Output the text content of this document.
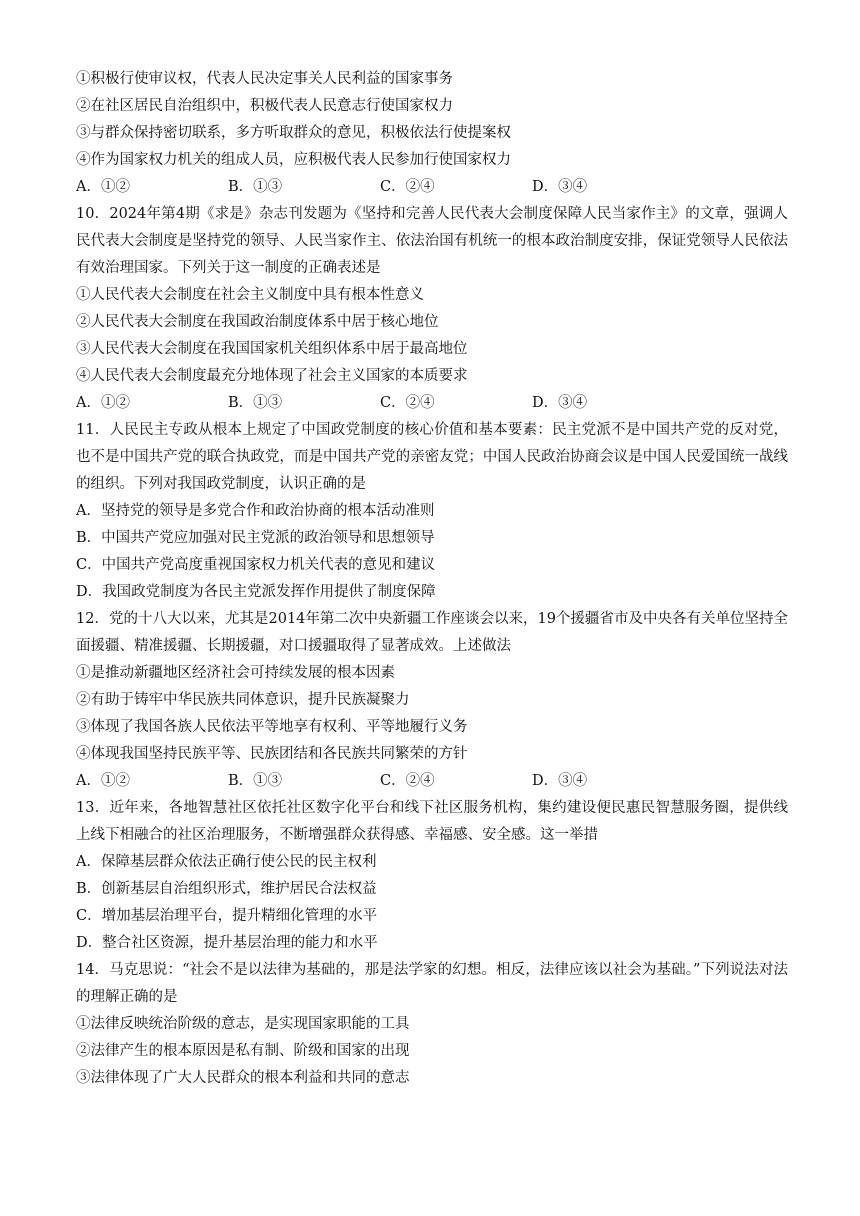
①积极行使审议权，代表人民决定事关人民利益的国家事务
②在社区居民自治组织中，积极代表人民意志行使国家权力
③与群众保持密切联系，多方听取群众的意见，积极依法行使提案权
④作为国家权力机关的组成人员，应积极代表人民参加行使国家权力
A．①②	B．①③	C．②④	D．③④
10．2024年第4期《求是》杂志刊发题为《坚持和完善人民代表大会制度保障人民当家作主》的文章，强调人民代表大会制度是坚持党的领导、人民当家作主、依法治国有机统一的根本政治制度安排，保证党领导人民依法有效治理国家。下列关于这一制度的正确表述是
①人民代表大会制度在社会主义制度中具有根本性意义
②人民代表大会制度在我国政治制度体系中居于核心地位
③人民代表大会制度在我国国家机关组织体系中居于最高地位
④人民代表大会制度最充分地体现了社会主义国家的本质要求
A．①②	B．①③	C．②④	D．③④
11．人民民主专政从根本上规定了中国政党制度的核心价值和基本要素：民主党派不是中国共产党的反对党，也不是中国共产党的联合执政党，而是中国共产党的亲密友党；中国人民政治协商会议是中国人民爱国统一战线的组织。下列对我国政党制度，认识正确的是
A．坚持党的领导是多党合作和政治协商的根本活动准则
B．中国共产党应加强对民主党派的政治领导和思想领导
C．中国共产党高度重视国家权力机关代表的意见和建议
D．我国政党制度为各民主党派发挥作用提供了制度保障
12．党的十八大以来，尤其是2014年第二次中央新疆工作座谈会以来，19个援疆省市及中央各有关单位坚持全面援疆、精准援疆、长期援疆，对口援疆取得了显著成效。上述做法
①是推动新疆地区经济社会可持续发展的根本因素
②有助于铸牢中华民族共同体意识，提升民族凝聚力
③体现了我国各族人民依法平等地享有权利、平等地履行义务
④体现我国坚持民族平等、民族团结和各民族共同繁荣的方针
A．①②	B．①③	C．②④	D．③④
13．近年来，各地智慧社区依托社区数字化平台和线下社区服务机构，集约建设便民惠民智慧服务圈，提供线上线下相融合的社区治理服务，不断增强群众获得感、幸福感、安全感。这一举措
A．保障基层群众依法正确行使公民的民主权利
B．创新基层自治组织形式，维护居民合法权益
C．增加基层治理平台，提升精细化管理的水平
D．整合社区资源，提升基层治理的能力和水平
14．马克思说：“社会不是以法律为基础的，那是法学家的幻想。相反，法律应该以社会为基础。”下列说法对法的理解正确的是
①法律反映统治阶级的意志，是实现国家职能的工具
②法律产生的根本原因是私有制、阶级和国家的出现
③法律体现了广大人民群众的根本利益和共同的意志
